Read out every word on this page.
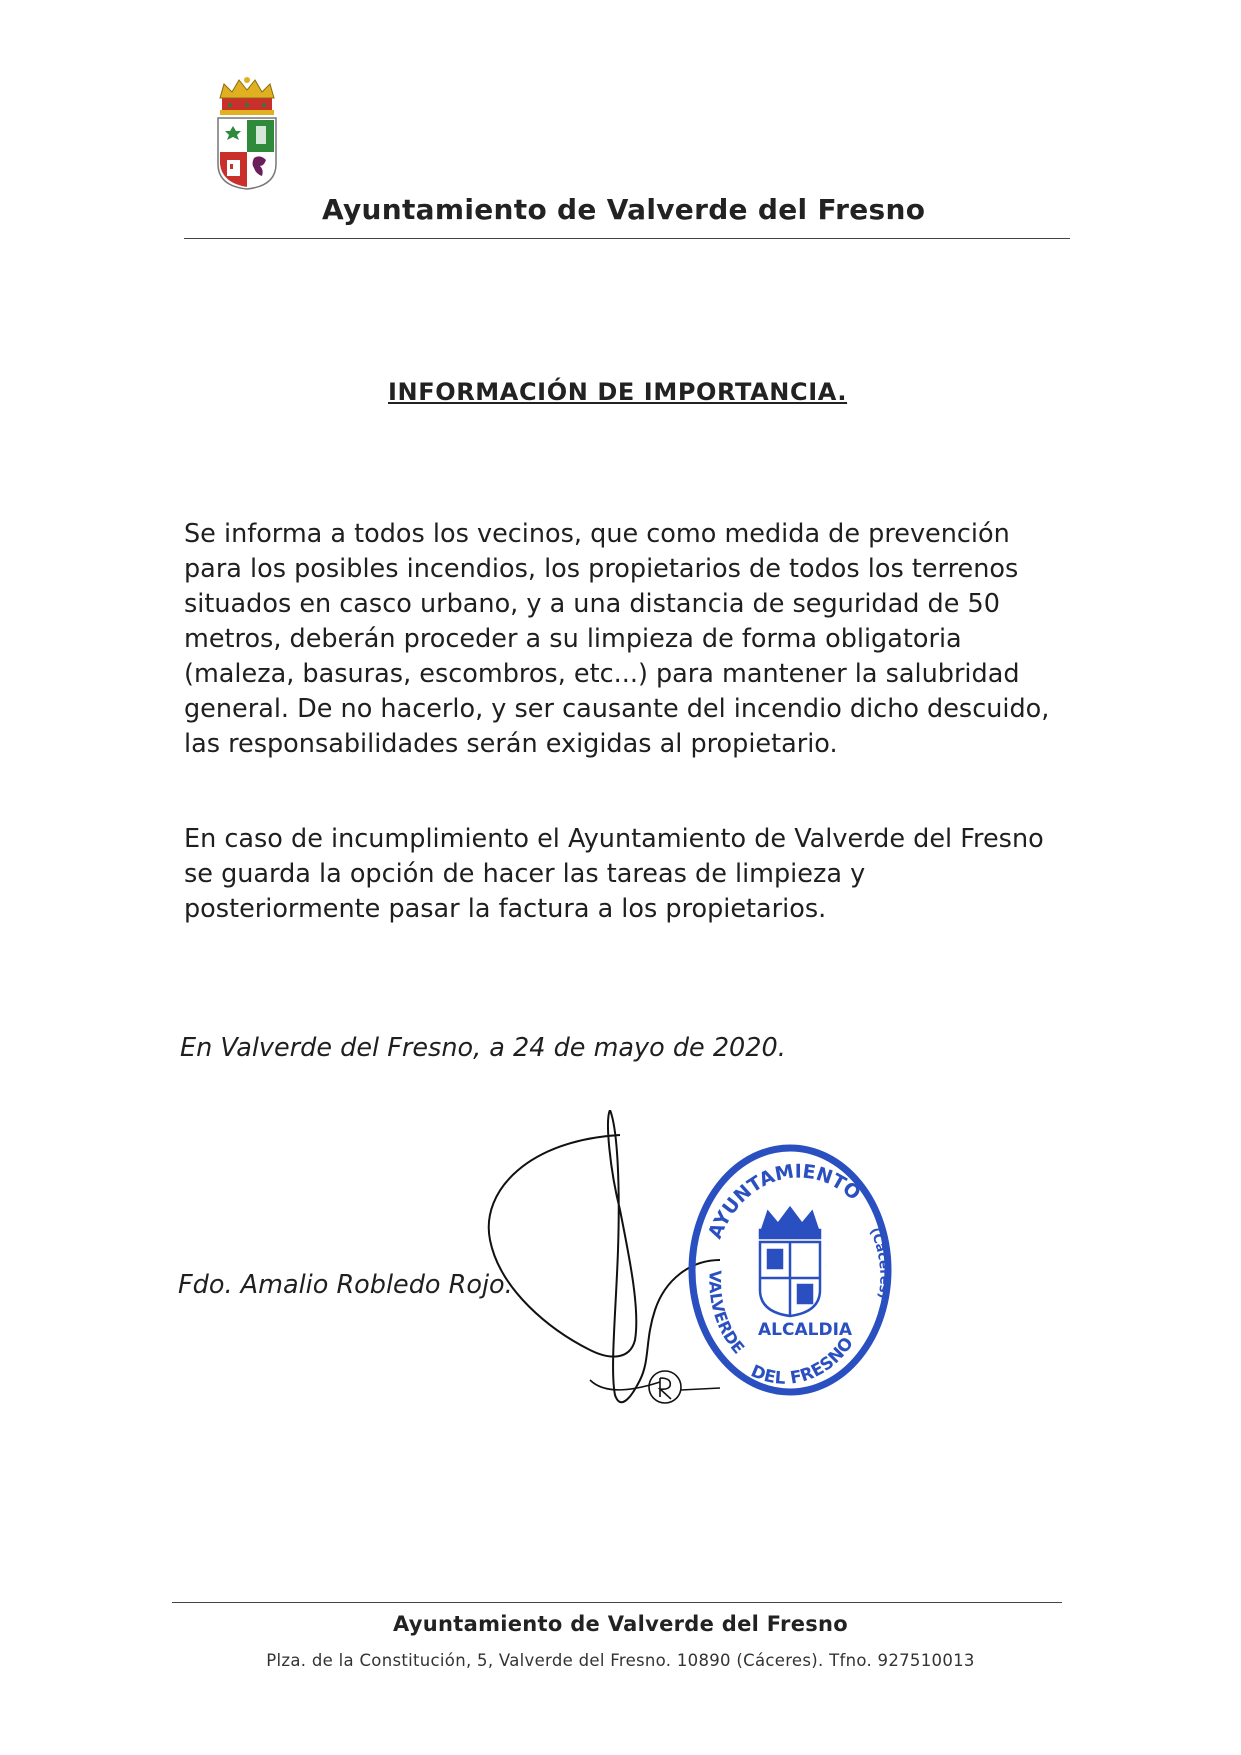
Ayuntamiento de Valverde del Fresno
INFORMACIÓN DE IMPORTANCIA.
Se informa a todos los vecinos, que como medida de prevención para los posibles incendios, los propietarios de todos los terrenos situados en casco urbano, y a una distancia de seguridad de 50 metros, deberán proceder a su limpieza de forma obligatoria (maleza, basuras, escombros, etc...) para mantener la salubridad general. De no hacerlo, y ser causante del incendio dicho descuido, las responsabilidades serán exigidas al propietario.
En caso de incumplimiento el Ayuntamiento de Valverde del Fresno se guarda la opción de hacer las tareas de limpieza y posteriormente pasar la factura a los propietarios.
En Valverde del Fresno, a 24 de mayo de 2020.
Fdo. Amalio Robledo Rojo.
AYUNTAMIENTO
VALVERDE
DEL FRESNO
(Cáceres)
ALCALDIA
Ayuntamiento de Valverde del Fresno
Plza. de la Constitución, 5, Valverde del Fresno. 10890 (Cáceres). Tfno. 927510013
